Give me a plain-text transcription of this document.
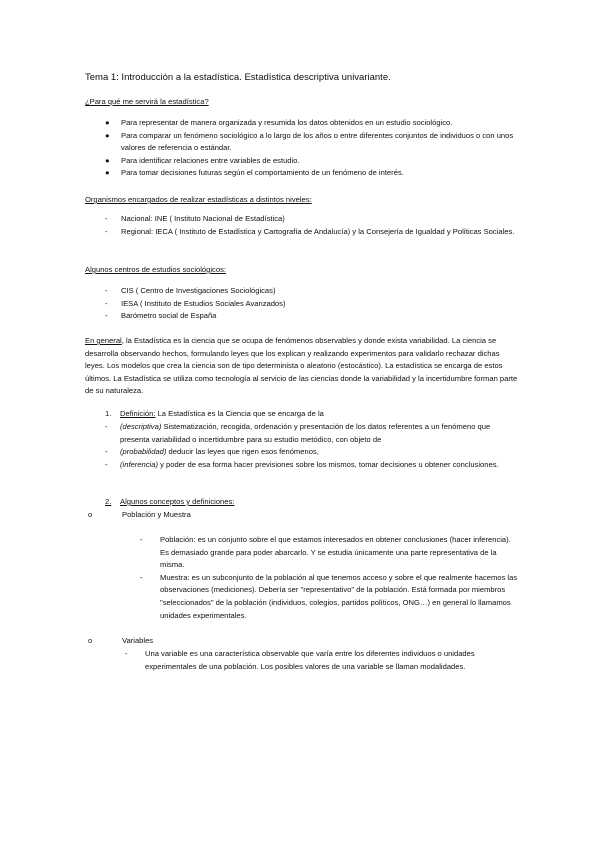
Tema 1: Introducción a la estadística. Estadística descriptiva univariante.
¿Para qué me servirá la estadística?
● Para representar de manera organizada y resumida los datos obtenidos en un estudio sociológico.
● Para comparar un fenómeno sociológico a lo largo de los años o entre diferentes conjuntos de individuos o con unos valores de referencia o estándar.
● Para identificar relaciones entre variables de estudio.
● Para tomar decisiones futuras según el comportamiento de un fenómeno de interés.
Organismos encargados de realizar estadísticas a distintos niveles:
- Nacional: INE ( Instituto Nacional de Estadística)
- Regional: IECA ( Instituto de Estadística y Cartografía de Andalucía) y la Consejería de Igualdad y Políticas Sociales.
Algunos centros de estudios sociológicos:
- CIS ( Centro de Investigaciones Sociológicas)
- IESA ( Instituto de Estudios Sociales Avanzados)
- Barómetro social de España
En general, la Estadística es la ciencia que se ocupa de fenómenos observables y donde exista variabilidad. La ciencia se desarrolla observando hechos, formulando leyes que los explican y realizando experimentos para validarlo rechazar dichas leyes. Los modelos que crea la ciencia son de tipo determinista o aleatorio (estocástico). La estadística se encarga de estos últimos. La Estadística se utiliza como tecnología al servicio de las ciencias donde la variabilidad y la incertidumbre forman parte de su naturaleza.
1. Definición: La Estadística es la Ciencia que se encarga de la
- (descriptiva) Sistematización, recogida, ordenación y presentación de los datos referentes a un fenómeno que presenta variabilidad o incertidumbre para su estudio metódico, con objeto de
- (probabilidad) deducir las leyes que rigen esos fenómenos,
- (inferencia) y poder de esa forma hacer previsiones sobre los mismos, tomar decisiones u obtener conclusiones.
2. Algunos conceptos y definiciones:
o	Población y Muestra
- Población: es un conjunto sobre el que estamos interesados en obtener conclusiones (hacer inferencia). Es demasiado grande para poder abarcarlo. Y se estudia únicamente una parte representativa de la misma.
- Muestra: es un subconjunto de la población al que tenemos acceso y sobre el que realmente hacemos las observaciones (mediciones). Debería ser "representativo" de la población. Está formada por miembros "seleccionados" de la población (individuos, colegios, partidos políticos, ONG…) en general lo llamamos unidades experimentales.
o	Variables
- Una variable es una característica observable que varía entre los diferentes individuos o unidades experimentales de una población. Los posibles valores de una variable se llaman modalidades.
